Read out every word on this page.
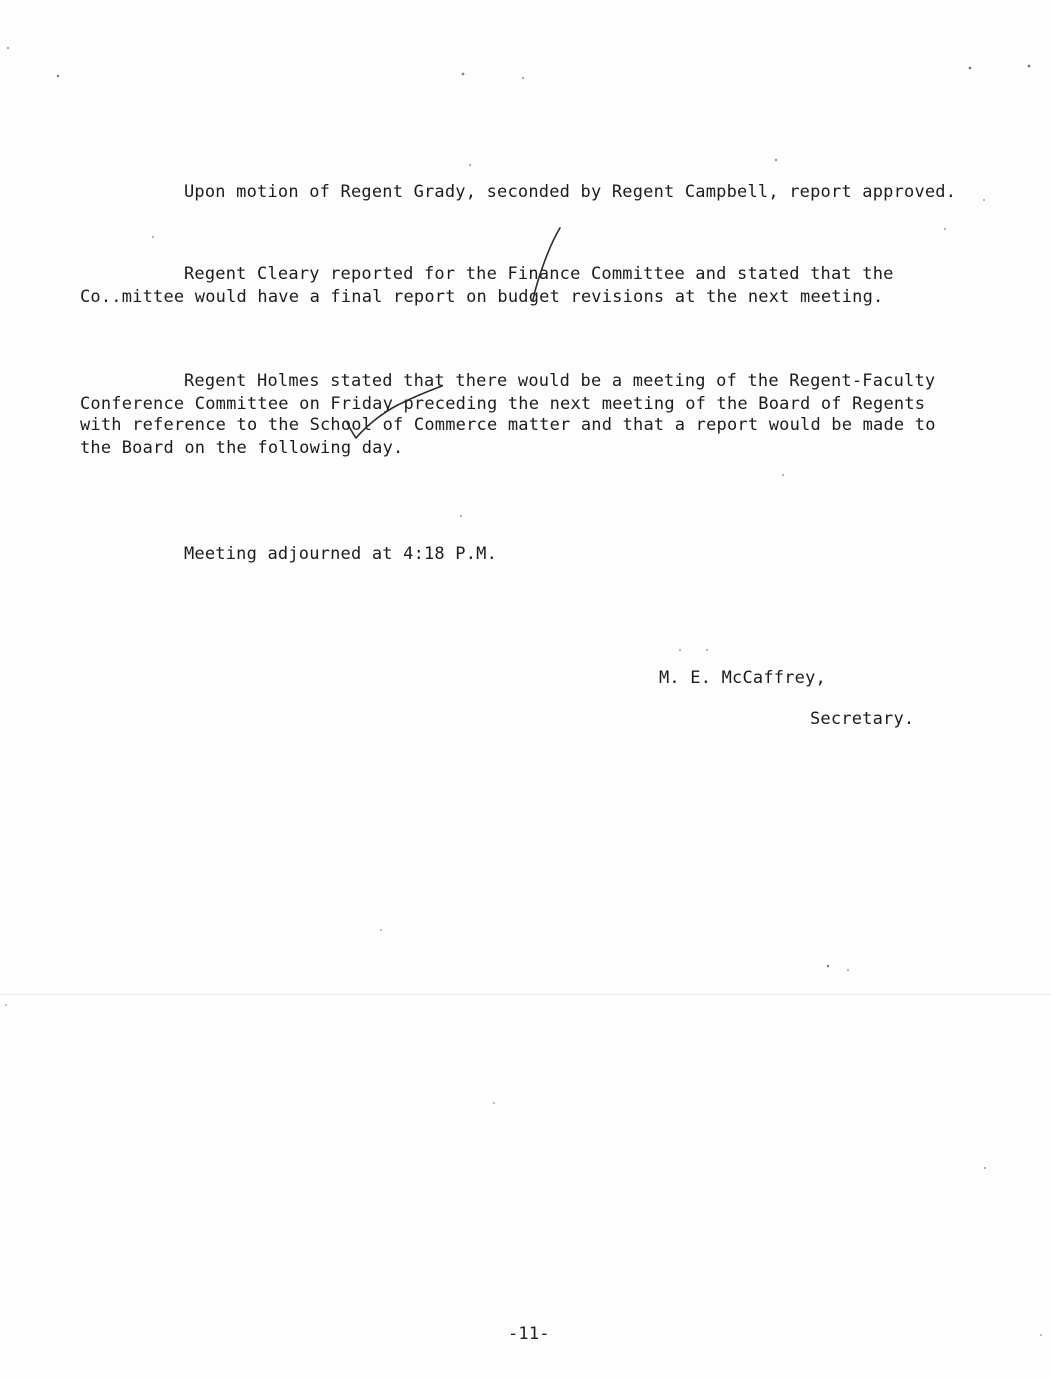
Upon motion of Regent Grady, seconded by Regent Campbell, report approved.
Regent Cleary reported for the Finance Committee and stated that the
Co..mittee would have a final report on budget revisions at the next meeting.
Regent Holmes stated that there would be a meeting of the Regent-Faculty
Conference Committee on Friday preceding the next meeting of the Board of Regents
with reference to the School of Commerce matter and that a report would be made to
the Board on the following day.
Meeting adjourned at 4:18 P.M.
M. E. McCaffrey,
Secretary.
-11-
